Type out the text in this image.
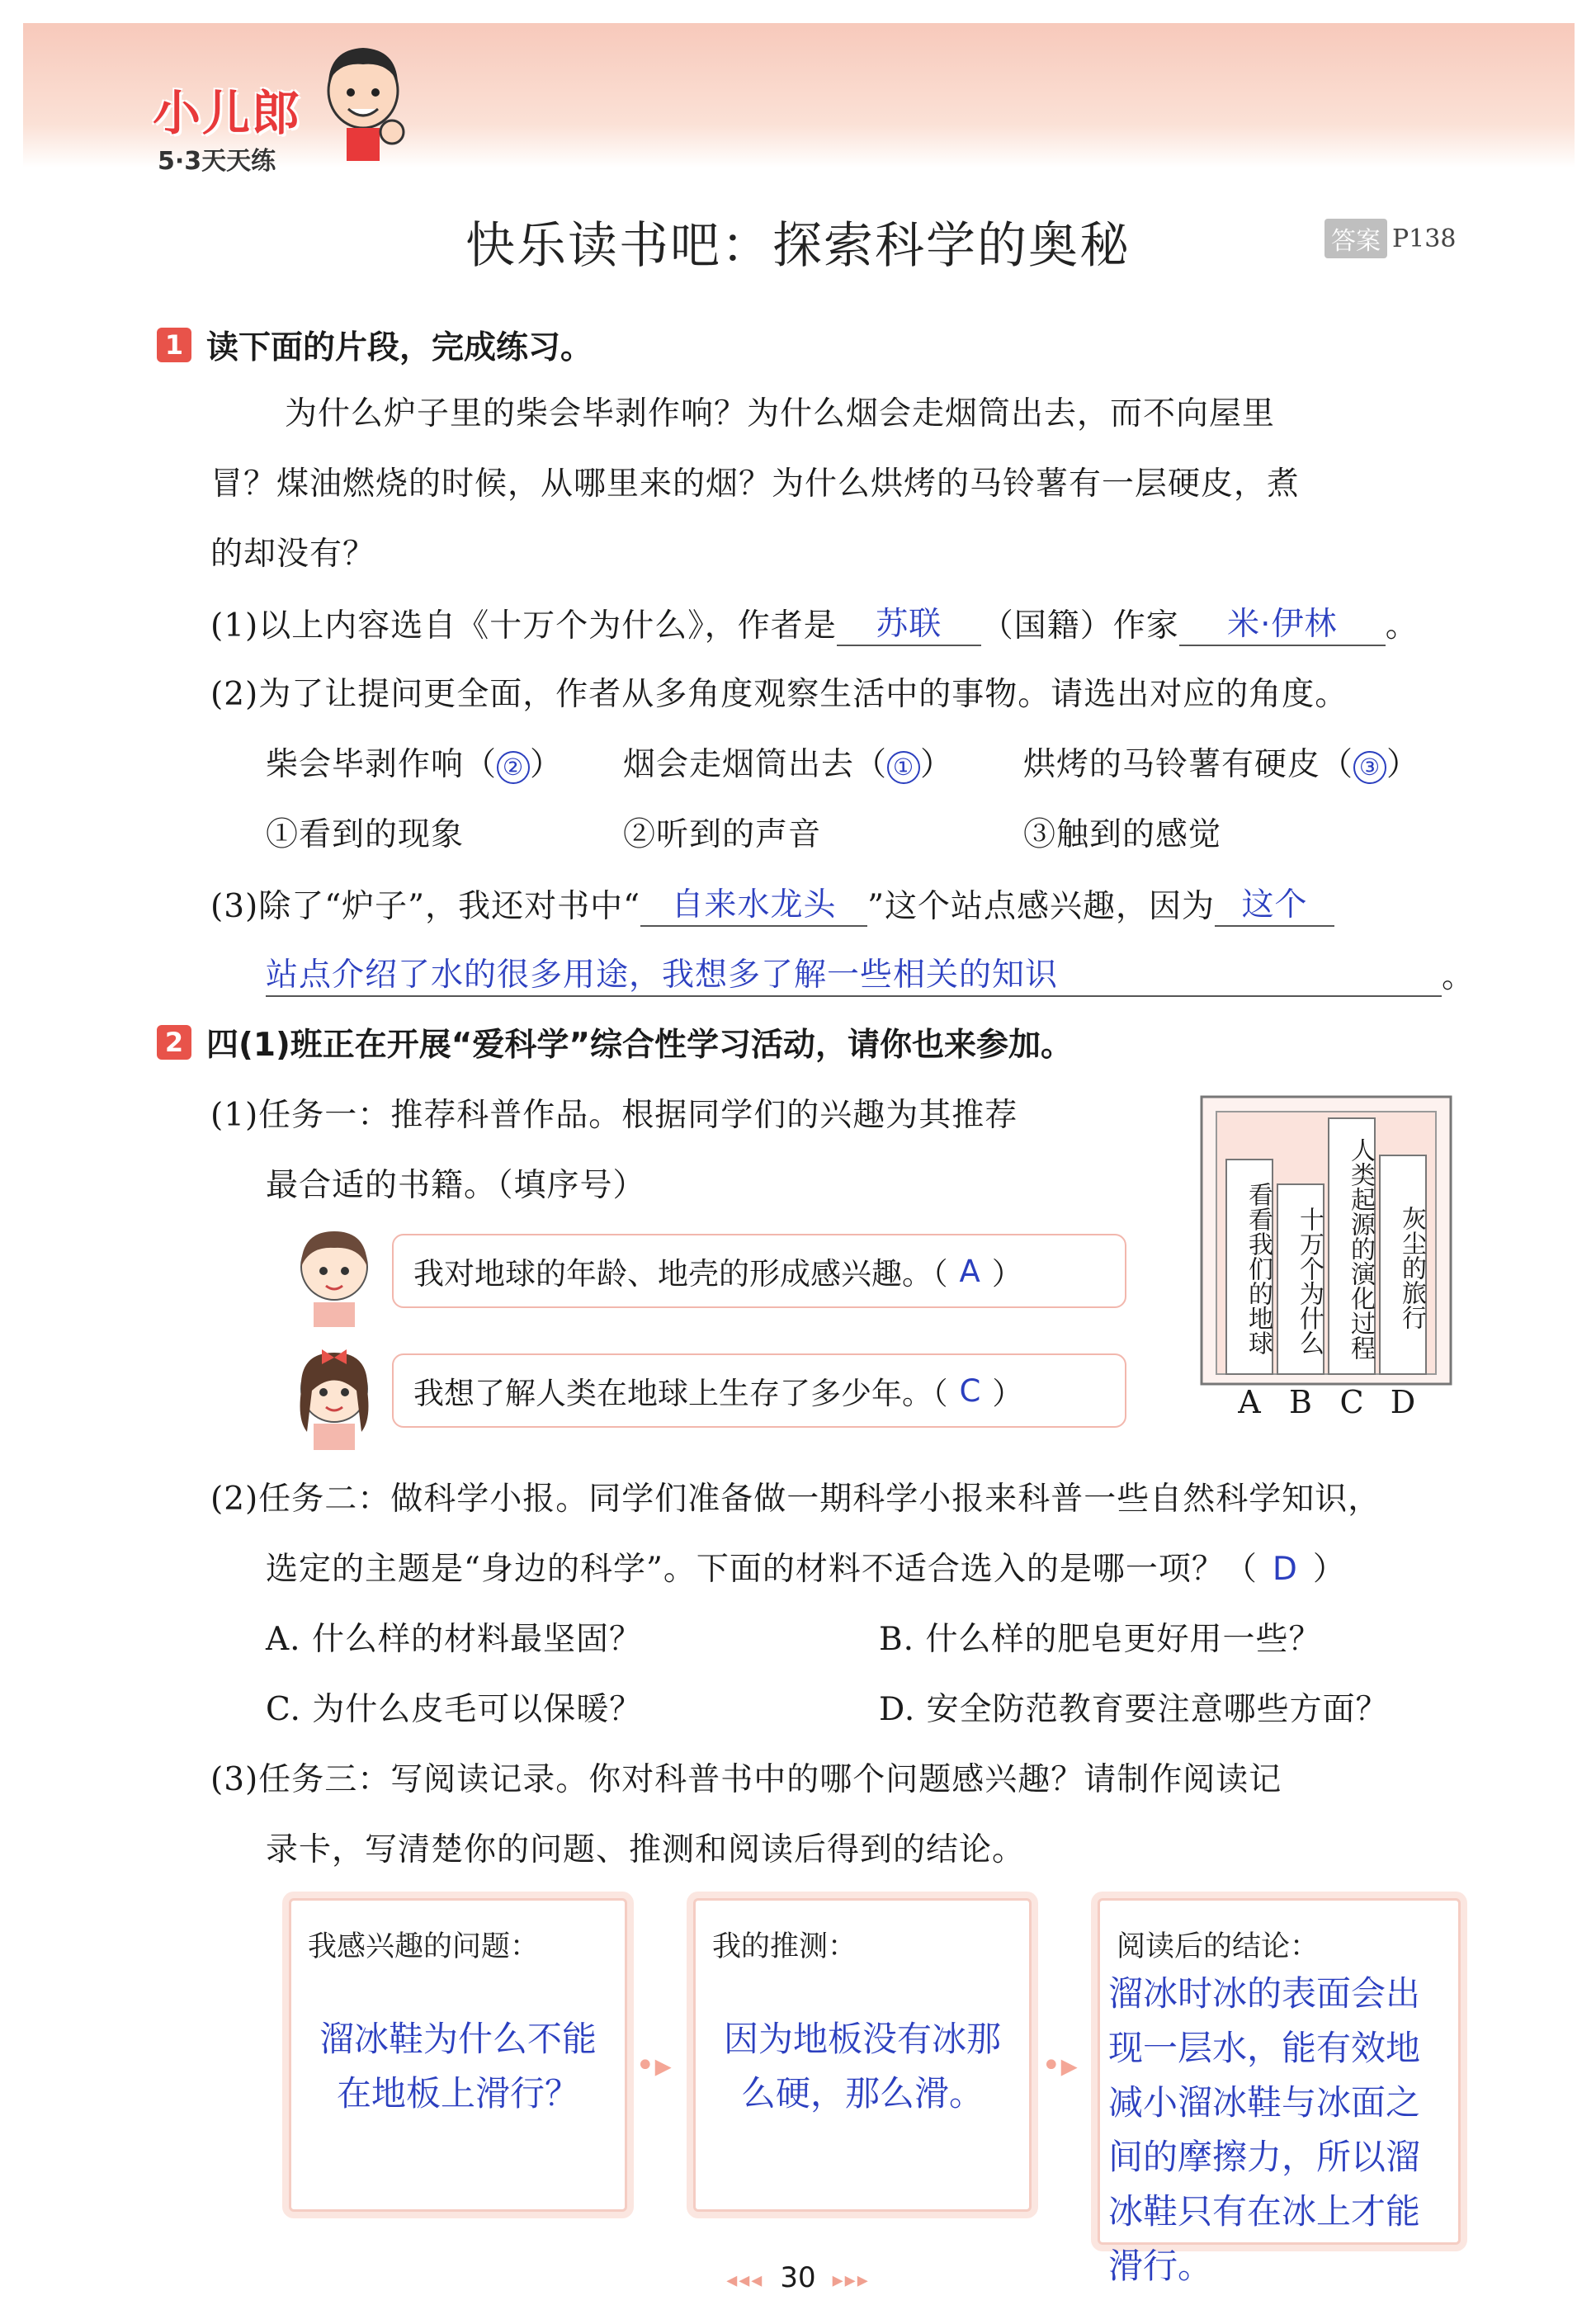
小儿郎
5·3天天练
快乐读书吧：探索科学的奥秘	答案 P138
1 读下面的片段，完成练习。
为什么炉子里的柴会毕剥作响？为什么烟会走烟筒出去，而不向屋里
冒？煤油燃烧的时候，从哪里来的烟？为什么烘烤的马铃薯有一层硬皮，煮
的却没有？
(1)以上内容选自《十万个为什么》，作者是 苏联 （国籍）作家 米·伊林 。
(2)为了让提问更全面，作者从多角度观察生活中的事物。请选出对应的角度。
柴会毕剥作响（ ② ） 烟会走烟筒出去（ ① ） 烘烤的马铃薯有硬皮（ ③ ）
①看到的现象	②听到的声音	③触到的感觉
(3)除了“炉子”，我还对书中“ 自来水龙头 ”这个站点感兴趣，因为 这个
站点介绍了水的很多用途，我想多了解一些相关的知识	。
2 四(1)班正在开展“爱科学”综合性学习活动，请你也来参加。
(1)任务一：推荐科普作品。根据同学们的兴趣为其推荐
最合适的书籍。（填序号）
我对地球的年龄、地壳的形成感兴趣。（ A ）
我想了解人类在地球上生存了多少年。（ C ）
看看我们的地球 十万个为什么 人类起源的演化过程 灰尘的旅行
A B C D
(2)任务二：做科学小报。同学们准备做一期科学小报来科普一些自然科学知识，
选定的主题是“身边的科学”。下面的材料不适合选入的是哪一项？（ D ）
A. 什么样的材料最坚固？	B. 什么样的肥皂更好用一些？
C. 为什么皮毛可以保暖？	D. 安全防范教育要注意哪些方面？
(3)任务三：写阅读记录。你对科普书中的哪个问题感兴趣？请制作阅读记
录卡，写清楚你的问题、推测和阅读后得到的结论。
我感兴趣的问题：
溜冰鞋为什么不能在地板上滑行？
•▸
我的推测：
因为地板没有冰那么硬，那么滑。
•▸
阅读后的结论：
溜冰时冰的表面会出现一层水，能有效地减小溜冰鞋与冰面之间的摩擦力，所以溜冰鞋只有在冰上才能滑行。
◂◂◂ 30 ▸▸▸
